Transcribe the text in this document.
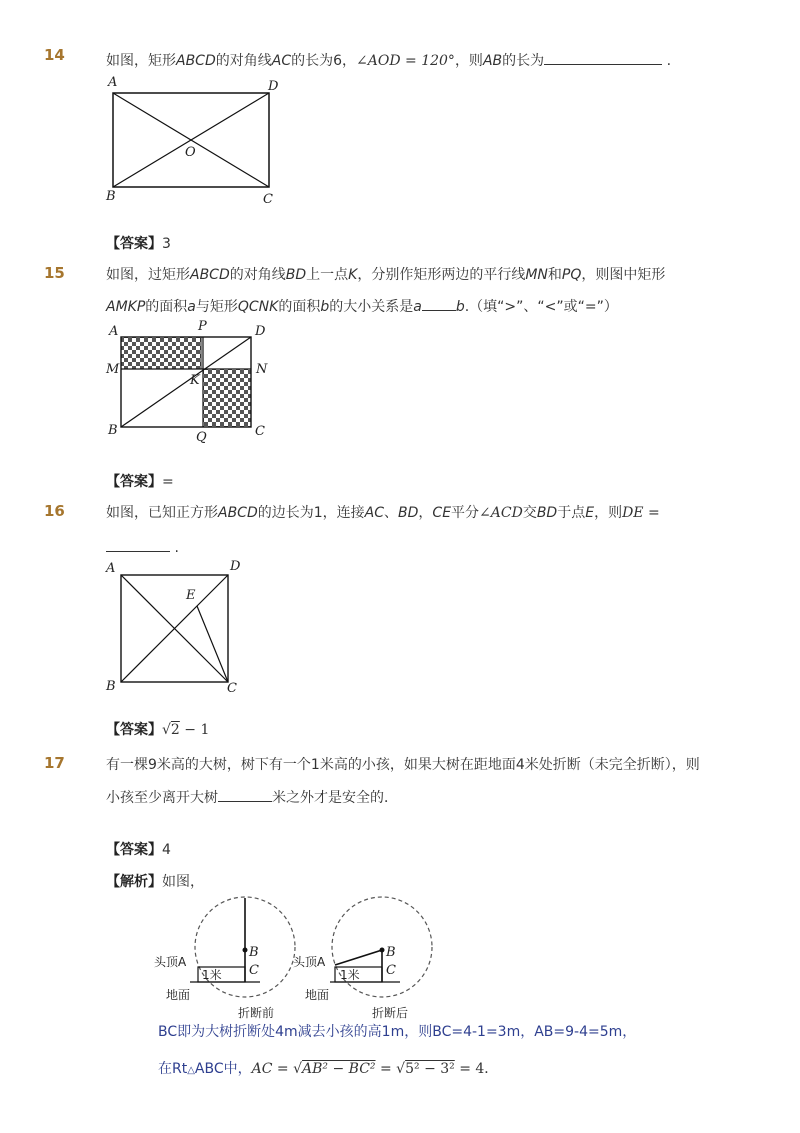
14	如图，矩形ABCD的对角线AC的长为6，∠AOD = 120°，则AB的长为	.
A	D
O
B	C
【答案】3
15	如图，过矩形ABCD的对角线BD上一点K，分别作矩形两边的平行线MN和PQ，则图中矩形
AMKP的面积a与矩形QCNK的面积b的大小关系是a b.（填“>”、“<”或“=”）
A	P	D
M	N
K
B	Q	C
【答案】=
16	如图，已知正方形ABCD的边长为1，连接AC、BD，CE平分∠ACD交BD于点E，则DE =
.
A	D
E
B	C
【答案】√2 − 1
17	有一棵9米高的大树，树下有一个1米高的小孩，如果大树在距地面4米处折断（未完全折断），则
小孩至少离开大树	米之外才是安全的．
【答案】4
【解析】如图，
B
C
头顶A
1米
地面
折断前
B
C
头顶A
1米
地面
折断后
BC即为大树折断处4m减去小孩的高1m，则BC=4-1=3m，AB=9-4=5m，
在Rt△ABC中，AC = √AB² − BC² = √5² − 3² = 4．
